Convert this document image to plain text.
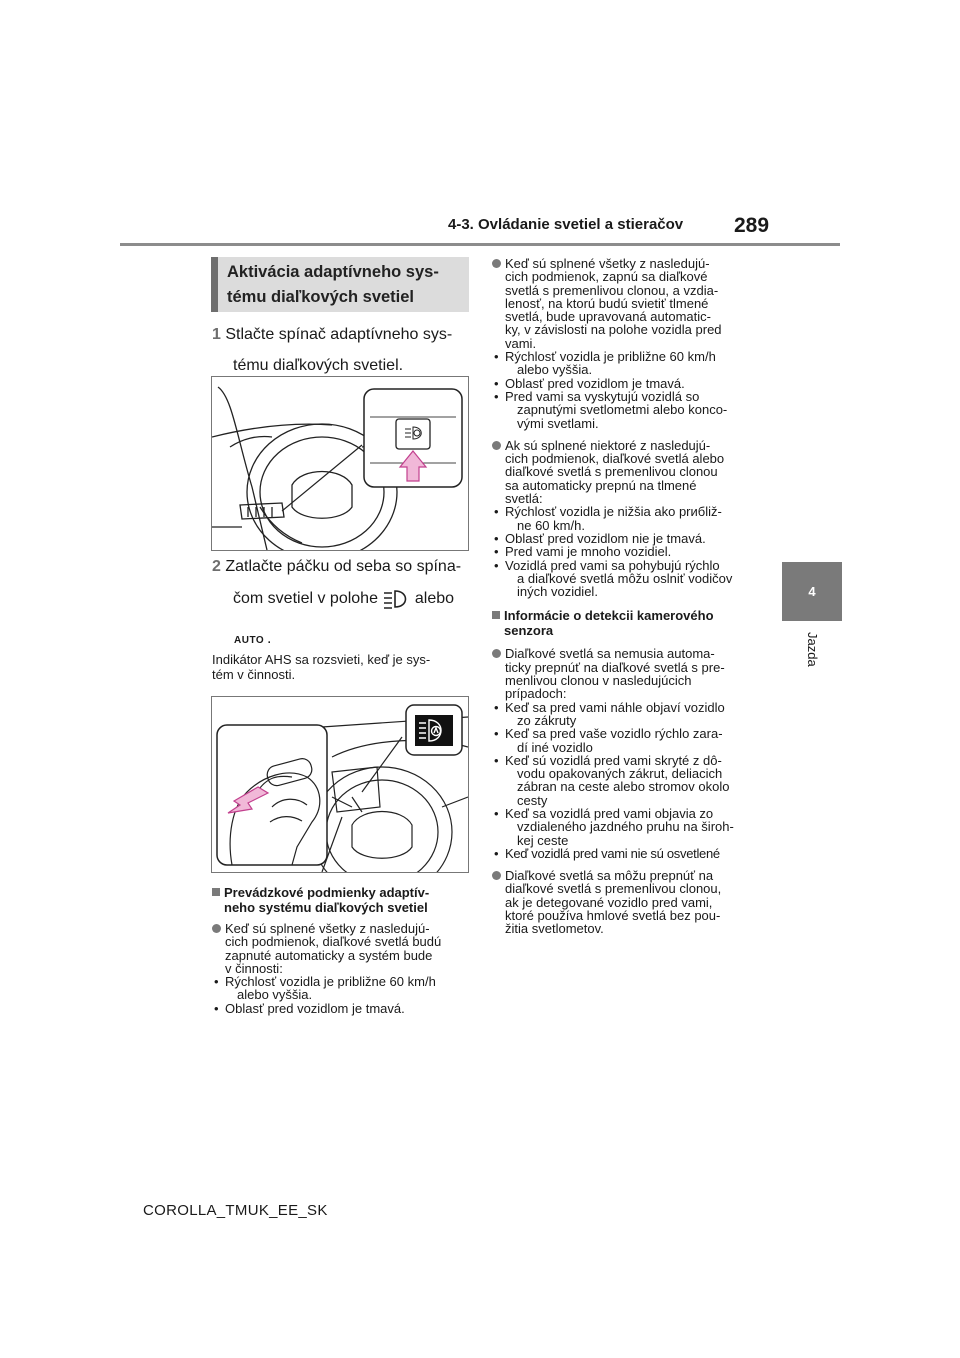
4-3. Ovládanie svetiel a stieračov 289
4
Jazda
Aktivácia adaptívneho sys-
tému diaľkových svetiel
1 Stlačte spínač adaptívneho sys-
tému diaľkových svetiel.
2 Zatlačte páčku od seba so spína-
čom svetiel v polohe alebo
AUTO .
Indikátor AHS sa rozsvieti, keď je sys-
tém v činnosti.
Prevádzkové podmienky adaptív-
neho systému diaľkových svetiel
Keď sú splnené všetky z nasledujú-
cich podmienok, diaľkové svetlá budú
zapnuté automaticky a systém bude
v činnosti:
• Rýchlosť vozidla je približne 60 km/h
alebo vyššia.
• Oblasť pred vozidlom je tmavá.
Keď sú splnené všetky z nasledujú-
cich podmienok, zapnú sa diaľkové
svetlá s premenlivou clonou, a vzdia-
lenosť, na ktorú budú svietiť tlmené
svetlá, bude upravovaná automatic-
ky, v závislosti na polohe vozidla pred
vami.
• Rýchlosť vozidla je približne 60 km/h
alebo vyššia.
• Oblasť pred vozidlom je tmavá.
• Pred vami sa vyskytujú vozidlá so
zapnutými svetlometmi alebo konco-
vými svetlami.
Ak sú splnené niektoré z nasledujú-
cich podmienok, diaľkové svetlá alebo
diaľkové svetlá s premenlivou clonou
sa automaticky prepnú na tlmené
svetlá:
• Rýchlosť vozidla je nižšia ako prибliž-
ne 60 km/h.
• Oblasť pred vozidlom nie je tmavá.
• Pred vami je mnoho vozidiel.
• Vozidlá pred vami sa pohybujú rýchlo
a diaľkové svetlá môžu oslniť vodičov
iných vozidiel.
Informácie o detekcii kamerového
senzora
Diaľkové svetlá sa nemusia automa-
ticky prepnúť na diaľkové svetlá s pre-
menlivou clonou v nasledujúcich
prípadoch:
• Keď sa pred vami náhle objaví vozidlo
zo zákruty
• Keď sa pred vaše vozidlo rýchlo zara-
dí iné vozidlo
• Keď sú vozidlá pred vami skryté z dô-
vodu opakovaných zákrut, deliacich
zábran na ceste alebo stromov okolo
cesty
• Keď sa vozidlá pred vami objavia zo
vzdialeného jazdného pruhu na široh-
kej ceste
• Keď vozidlá pred vami nie sú osvetlené
Diaľkové svetlá sa môžu prepnúť na
diaľkové svetlá s premenlivou clonou,
ak je detegované vozidlo pred vami,
ktoré používa hmlové svetlá bez pou-
žitia svetlometov.
COROLLA_TMUK_EE_SK
